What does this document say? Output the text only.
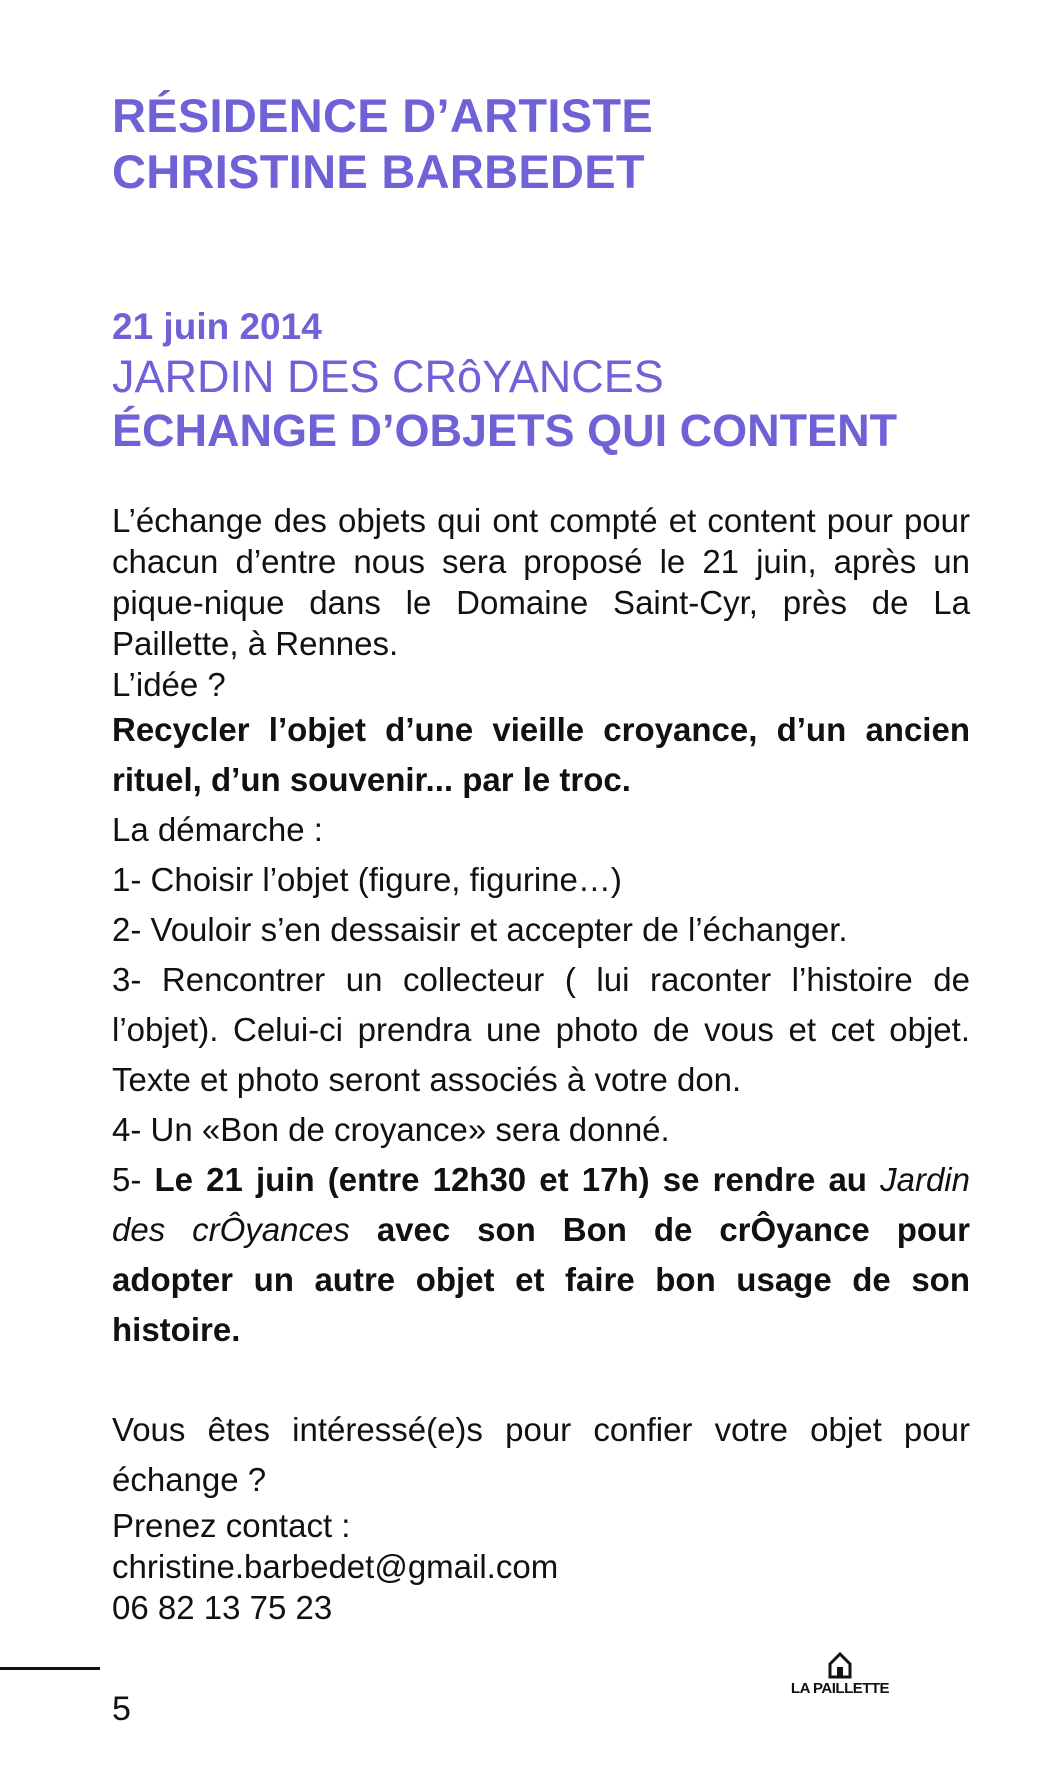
RÉSIDENCE D’ARTISTE
CHRISTINE BARBEDET
21 juin 2014
JARDIN DES CRôYANCES
ÉCHANGE D’OBJETS QUI CONTENT

L’échange des objets qui ont compté et content pour pour chacun d’entre nous sera proposé le 21 juin, après un pique-nique dans le Domaine Saint-Cyr, près de La Paillette, à Rennes.

L’idée ?

Recycler l’objet d’une vieille croyance, d’un ancien rituel, d’un souvenir... par le troc.

La démarche :

1- Choisir l’objet (figure, figurine…)

2- Vouloir s’en dessaisir et accepter de l’échanger.

3- Rencontrer un collecteur ( lui raconter l’histoire de l’objet). Celui-ci prendra une photo de vous et cet objet. Texte et photo seront associés à votre don.

4- Un «Bon de croyance» sera donné.

5- Le 21 juin (entre 12h30 et 17h) se rendre au Jardin des crÔyances avec son Bon de crÔyance pour adopter un autre objet et faire bon usage de son histoire.

Vous êtes intéressé(e)s pour confier votre objet pour échange ?

Prenez contact :

christine.barbedet@gmail.com

06 82 13 75 23

5
LA PAILLETTE
